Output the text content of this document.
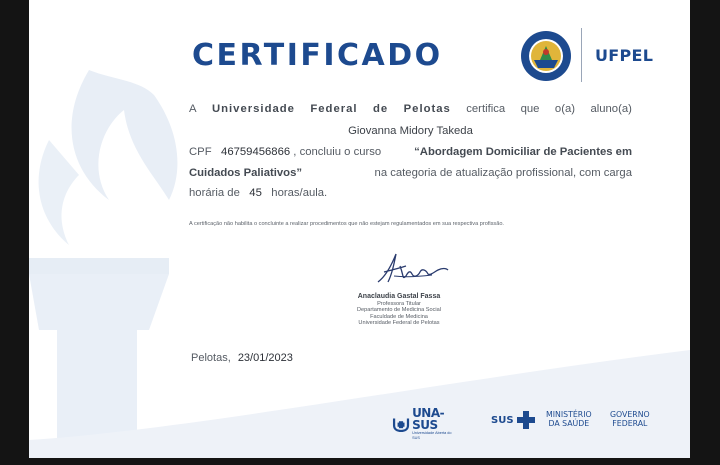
CERTIFICADO	UFPEL
A Universidade Federal de Pelotas certifica que o(a) aluno(a)
Giovanna Midory Takeda
CPF 46759456866 , concluiu o curso	“Abordagem Domiciliar de Pacientes em
Cuidados Paliativos”	na categoria de atualização profissional, com carga
horária de 45 horas/aula.
A certificação não habilita o concluinte a realizar procedimentos que não estejam regulamentados em sua respectiva profissão.
Anaclaudia Gastal Fassa
Professora Titular
Departamento de Medicina Social
Faculdade de Medicina
Universidade Federal de Pelotas
Pelotas, 23/01/2023
UNA-SUS
Universidade Aberta do SUS
SUS	MINISTÉRIO
DA SAÚDE
GOVERNO
FEDERAL
